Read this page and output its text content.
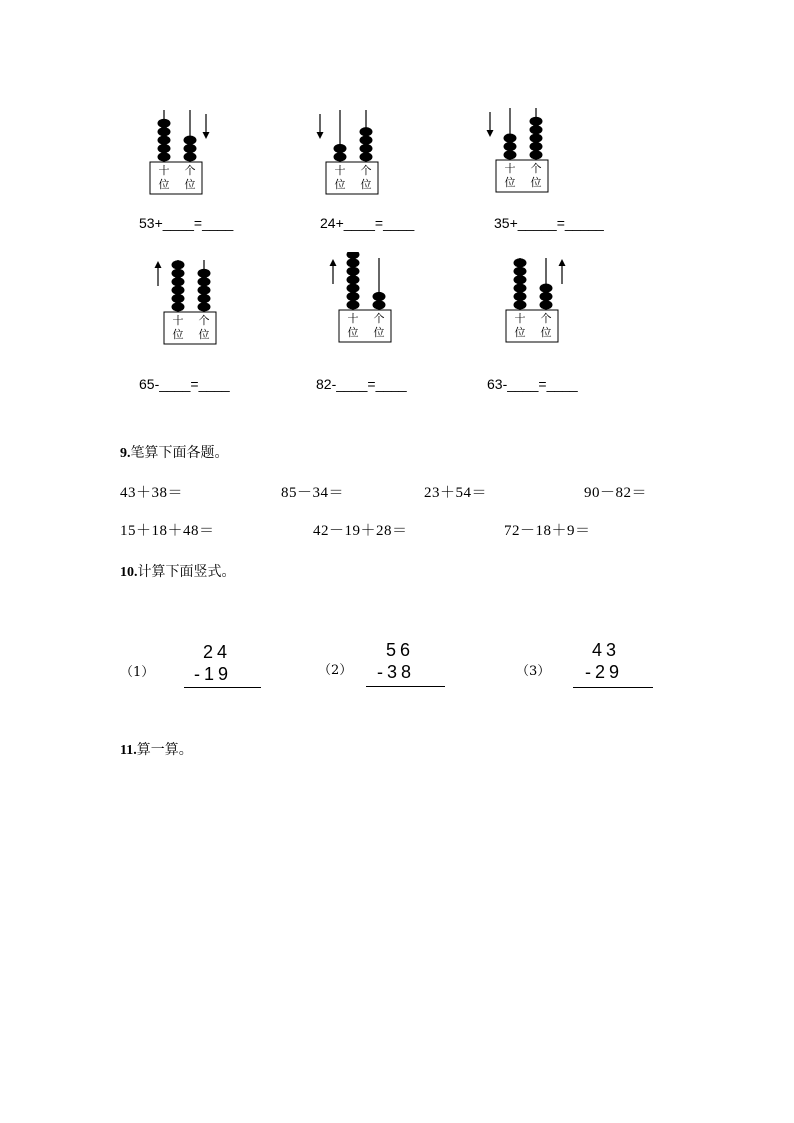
十
位
个
位
十
位
个
位
十
位
个
位
十
位
个
位
十
位
个
位
十
位
个
位
53+____=____	24+____=____	35+_____=_____
65-____=____	82-____=____	63-____=____
9.笔算下面各题。
43＋38＝	85－34＝	23＋54＝	90－82＝
15＋18＋48＝	42－19＋28＝	72－18＋9＝
10.计算下面竖式。
（1）
24
-19	（2）
56
-38	（3）
43
-29
11.算一算。
